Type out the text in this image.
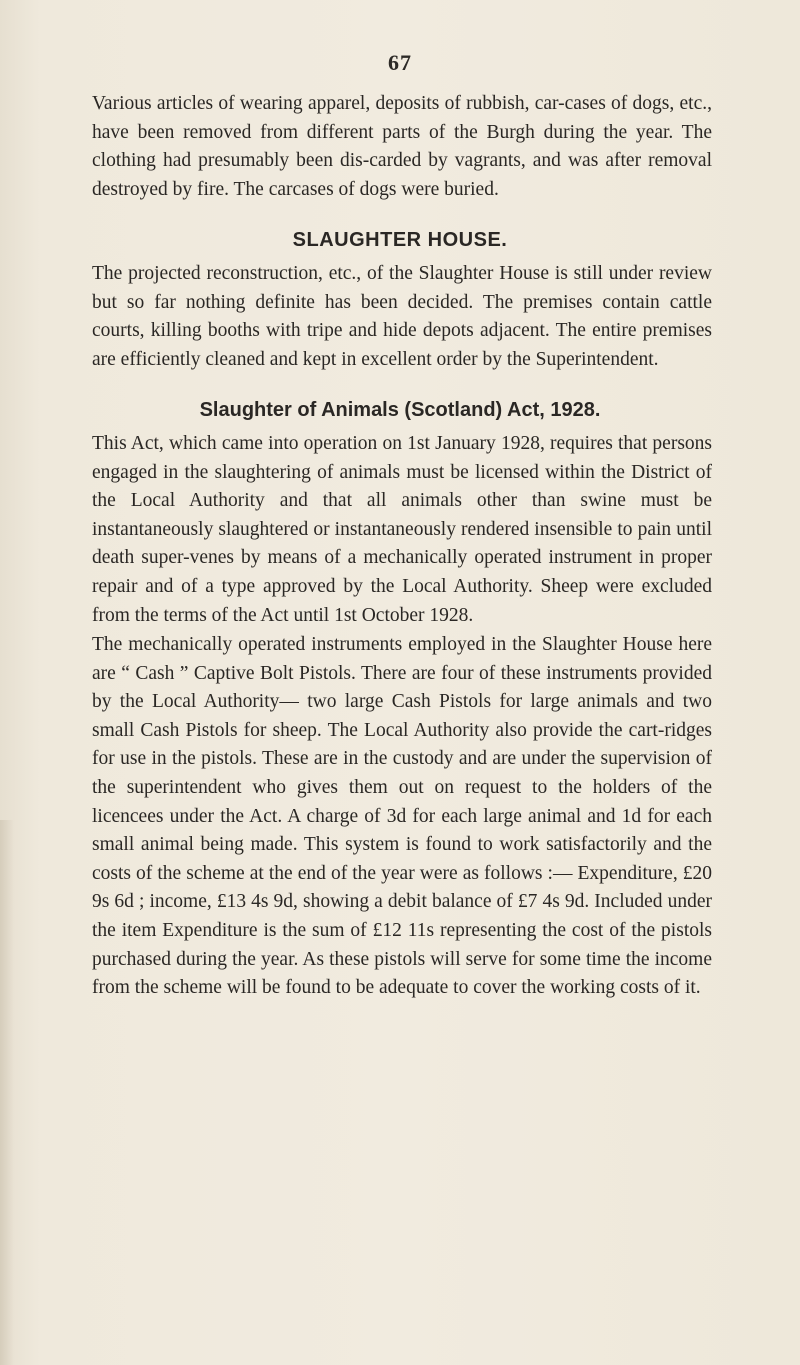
67

Various articles of wearing apparel, deposits of rubbish, car-cases of dogs, etc., have been removed from different parts of the Burgh during the year. The clothing had presumably been dis-carded by vagrants, and was after removal destroyed by fire. The carcases of dogs were buried.

SLAUGHTER HOUSE.

The projected reconstruction, etc., of the Slaughter House is still under review but so far nothing definite has been decided. The premises contain cattle courts, killing booths with tripe and hide depots adjacent. The entire premises are efficiently cleaned and kept in excellent order by the Superintendent.

Slaughter of Animals (Scotland) Act, 1928.

This Act, which came into operation on 1st January 1928, requires that persons engaged in the slaughtering of animals must be licensed within the District of the Local Authority and that all animals other than swine must be instantaneously slaughtered or instantaneously rendered insensible to pain until death super-venes by means of a mechanically operated instrument in proper repair and of a type approved by the Local Authority. Sheep were excluded from the terms of the Act until 1st October 1928.

The mechanically operated instruments employed in the Slaughter House here are “ Cash ” Captive Bolt Pistols. There are four of these instruments provided by the Local Authority— two large Cash Pistols for large animals and two small Cash Pistols for sheep. The Local Authority also provide the cart-ridges for use in the pistols. These are in the custody and are under the supervision of the superintendent who gives them out on request to the holders of the licencees under the Act. A charge of 3d for each large animal and 1d for each small animal being made. This system is found to work satisfactorily and the costs of the scheme at the end of the year were as follows :— Expenditure, £20 9s 6d ; income, £13 4s 9d, showing a debit balance of £7 4s 9d. Included under the item Expenditure is the sum of £12 11s representing the cost of the pistols purchased during the year. As these pistols will serve for some time the income from the scheme will be found to be adequate to cover the working costs of it.
